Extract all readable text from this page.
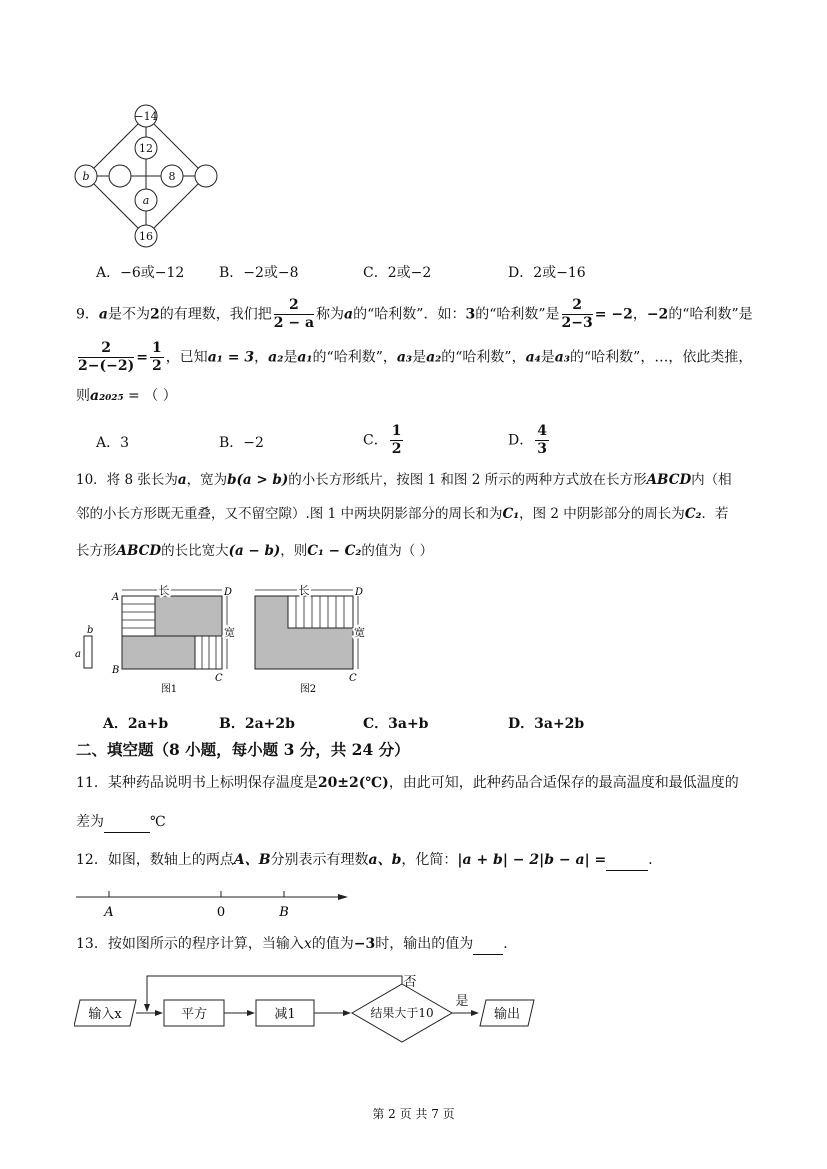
−14
12
b	8
a
16
A．−6或−12 B．−2或−8	C．2或−2	D．2或−16
9．a是不为2的有理数，我们把 $\frac{2}{2 - a}$ 称为a的“哈利数”．如：3的“哈利数”是 $\frac{2}{2-3} = -2$，−2的“哈利数”是
$\frac{2}{2-(-2)} = \frac{1}{2}$ ，已知a₁ = 3，a₂是a₁的“哈利数”，a₃是a₂的“哈利数”，a₄是a₃的“哈利数”，…，依此类推，
则a₂₀₂₅ = （ ）
A．3	B．−2	C． $\frac{1}{2}$	D． $\frac{4}{3}$
10．将 8 张长为a，宽为b(a > b)的小长方形纸片，按图 1 和图 2 所示的两种方式放在长方形ABCD内（相
邻的小长方形既无重叠，又不留空隙）.图 1 中两块阴影部分的周长和为C₁，图 2 中阴影部分的周长为C₂．若
长方形ABCD的长比宽大(a − b)，则C₁ − C₂的值为（ ）
b
a
长
宽
A	D
B
C
图1
长
宽
D
C
图2
A．2a+b	B．2a+2b	C．3a+b	D．3a+2b
二、填空题（8 小题，每小题 3 分，共 24 分）
11．某种药品说明书上标明保存温度是20±2(℃)，由此可知，此种药品合适保存的最高温度和最低温度的
差为	℃
12．如图，数轴上的两点A、B分别表示有理数a、b，化简：|a + b| − 2|b − a| =	．
A	0	B
13．按如图所示的程序计算，当输入x的值为−3时，输出的值为 ．
输入x	平方	减1	结果大于10	输出
否
是
第 2 页 共 7 页
